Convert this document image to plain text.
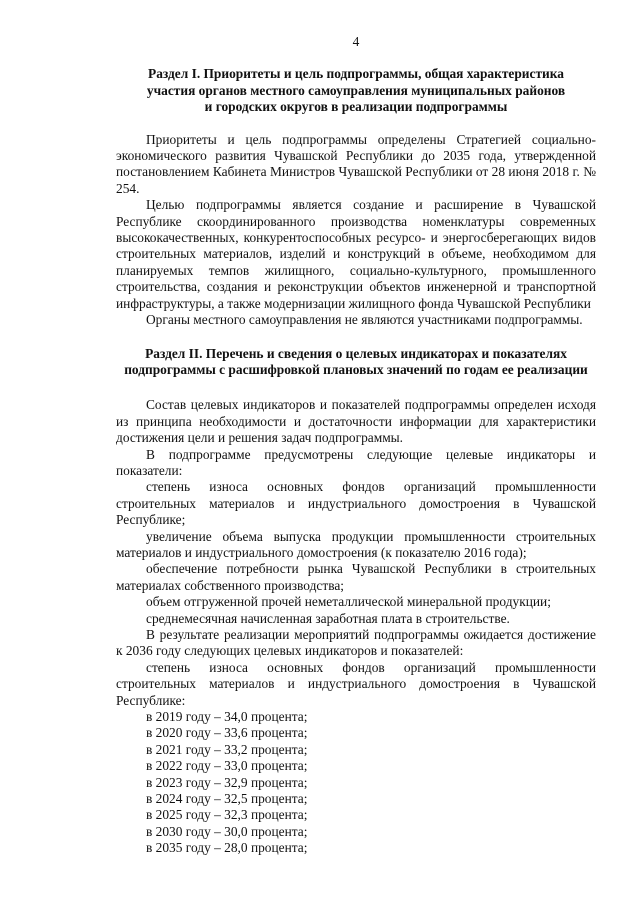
4
Раздел I. Приоритеты и цель подпрограммы, общая характеристика
участия органов местного самоуправления муниципальных районов
и городских округов в реализации подпрограммы

Приоритеты и цель подпрограммы определены Стратегией социально-экономического развития Чувашской Республики до 2035 года, утвержденной постановлением Кабинета Министров Чувашской Республики от 28 июня 2018 г. № 254.

Целью подпрограммы является создание и расширение в Чувашской Республике скоординированного производства номенклатуры современных высококачественных, конкурентоспособных ресурсо- и энергосберегающих видов строительных материалов, изделий и конструкций в объеме, необходимом для планируемых темпов жилищного, социально-культурного, промышленного строительства, создания и реконструкции объектов инженерной и транспортной инфраструктуры, а также модернизации жилищного фонда Чувашской Республики

Органы местного самоуправления не являются участниками подпрограммы.

Раздел II. Перечень и сведения о целевых индикаторах и показателях
подпрограммы с расшифровкой плановых значений по годам ее реализации

Состав целевых индикаторов и показателей подпрограммы определен исходя из принципа необходимости и достаточности информации для характеристики достижения цели и решения задач подпрограммы.

В подпрограмме предусмотрены следующие целевые индикаторы и показатели:

степень износа основных фондов организаций промышленности строительных материалов и индустриального домостроения в Чувашской Республике;

увеличение объема выпуска продукции промышленности строительных материалов и индустриального домостроения (к показателю 2016 года);

обеспечение потребности рынка Чувашской Республики в строительных материалах собственного производства;

объем отгруженной прочей неметаллической минеральной продукции;

среднемесячная начисленная заработная плата в строительстве.

В результате реализации мероприятий подпрограммы ожидается достижение к 2036 году следующих целевых индикаторов и показателей:

степень износа основных фондов организаций промышленности строительных материалов и индустриального домостроения в Чувашской Республике:

в 2019 году – 34,0 процента;

в 2020 году – 33,6 процента;

в 2021 году – 33,2 процента;

в 2022 году – 33,0 процента;

в 2023 году – 32,9 процента;

в 2024 году – 32,5 процента;

в 2025 году – 32,3 процента;

в 2030 году – 30,0 процента;

в 2035 году – 28,0 процента;
